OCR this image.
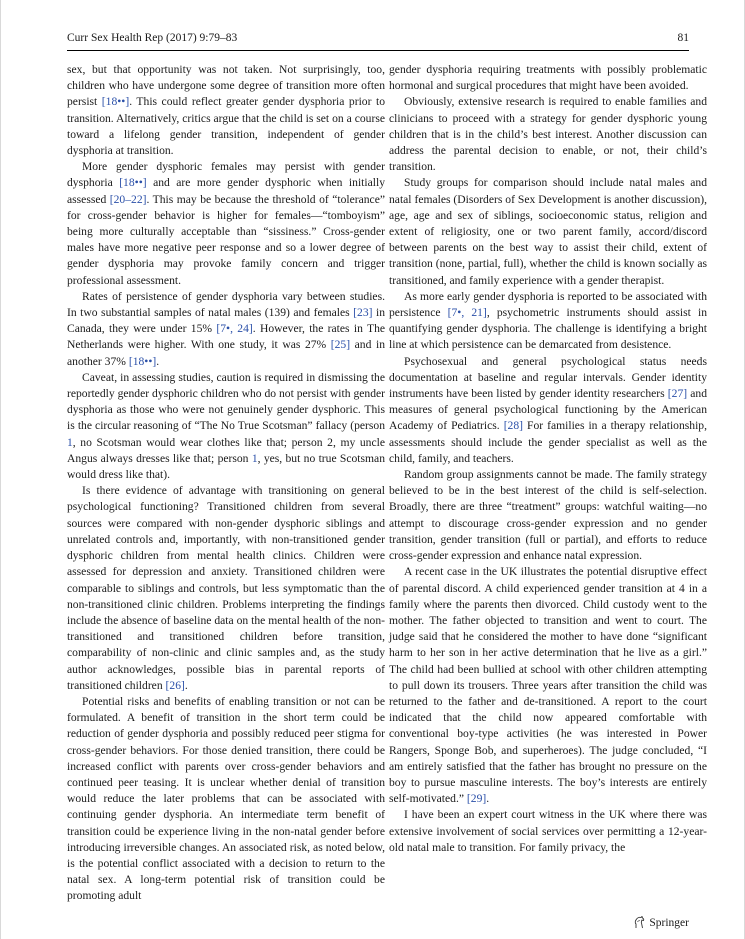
Curr Sex Health Rep (2017) 9:79–83	81

sex, but that opportunity was not taken. Not surprisingly, too, children who have undergone some degree of transition more often persist [18••]. This could reflect greater gender dysphoria prior to transition. Alternatively, critics argue that the child is set on a course toward a lifelong gender transition, independent of gender dysphoria at transition.

More gender dysphoric females may persist with gender dysphoria [18••] and are more gender dysphoric when initially assessed [20–22]. This may be because the threshold of “tolerance” for cross-gender behavior is higher for females—“tomboyism” being more culturally acceptable than “sissiness.” Cross-gender males have more negative peer response and so a lower degree of gender dysphoria may provoke family concern and trigger professional assessment.

Rates of persistence of gender dysphoria vary between studies. In two substantial samples of natal males (139) and females [23] in Canada, they were under 15% [7•, 24]. However, the rates in The Netherlands were higher. With one study, it was 27% [25] and in another 37% [18••].

Caveat, in assessing studies, caution is required in dismissing the reportedly gender dysphoric children who do not persist with gender dysphoria as those who were not genuinely gender dysphoric. This is the circular reasoning of “The No True Scotsman” fallacy (person 1, no Scotsman would wear clothes like that; person 2, my uncle Angus always dresses like that; person 1, yes, but no true Scotsman would dress like that).

Is there evidence of advantage with transitioning on general psychological functioning? Transitioned children from several sources were compared with non-gender dysphoric siblings and unrelated controls and, importantly, with non-transitioned gender dysphoric children from mental health clinics. Children were assessed for depression and anxiety. Transitioned children were comparable to siblings and controls, but less symptomatic than the non-transitioned clinic children. Problems interpreting the findings include the absence of baseline data on the mental health of the non-transitioned and transitioned children before transition, comparability of non-clinic and clinic samples and, as the study author acknowledges, possible bias in parental reports of transitioned children [26].

Potential risks and benefits of enabling transition or not can be formulated. A benefit of transition in the short term could be reduction of gender dysphoria and possibly reduced peer stigma for cross-gender behaviors. For those denied transition, there could be increased conflict with parents over cross-gender behaviors and continued peer teasing. It is unclear whether denial of transition would reduce the later problems that can be associated with continuing gender dysphoria. An intermediate term benefit of transition could be experience living in the non-natal gender before introducing irreversible changes. An associated risk, as noted below, is the potential conflict associated with a decision to return to the natal sex. A long-term potential risk of transition could be promoting adult

gender dysphoria requiring treatments with possibly problematic hormonal and surgical procedures that might have been avoided.

Obviously, extensive research is required to enable families and clinicians to proceed with a strategy for gender dysphoric young children that is in the child’s best interest. Another discussion can address the parental decision to enable, or not, their child’s transition.

Study groups for comparison should include natal males and natal females (Disorders of Sex Development is another discussion), age, age and sex of siblings, socioeconomic status, religion and extent of religiosity, one or two parent family, accord/discord between parents on the best way to assist their child, extent of transition (none, partial, full), whether the child is known socially as transitioned, and family experience with a gender therapist.

As more early gender dysphoria is reported to be associated with persistence [7•, 21], psychometric instruments should assist in quantifying gender dysphoria. The challenge is identifying a bright line at which persistence can be demarcated from desistence.

Psychosexual and general psychological status needs documentation at baseline and regular intervals. Gender identity instruments have been listed by gender identity researchers [27] and measures of general psychological functioning by the American Academy of Pediatrics. [28] For families in a therapy relationship, assessments should include the gender specialist as well as the child, family, and teachers.

Random group assignments cannot be made. The family strategy believed to be in the best interest of the child is self-selection. Broadly, there are three “treatment” groups: watchful waiting—no attempt to discourage cross-gender expression and no gender transition, gender transition (full or partial), and efforts to reduce cross-gender expression and enhance natal expression.

A recent case in the UK illustrates the potential disruptive effect of parental discord. A child experienced gender transition at 4 in a family where the parents then divorced. Child custody went to the mother. The father objected to transition and went to court. The judge said that he considered the mother to have done “significant harm to her son in her active determination that he live as a girl.” The child had been bullied at school with other children attempting to pull down its trousers. Three years after transition the child was returned to the father and de-transitioned. A report to the court indicated that the child now appeared comfortable with conventional boy-type activities (he was interested in Power Rangers, Sponge Bob, and superheroes). The judge concluded, “I am entirely satisfied that the father has brought no pressure on the boy to pursue masculine interests. The boy’s interests are entirely self-motivated.” [29].

I have been an expert court witness in the UK where there was extensive involvement of social services over permitting a 12-year-old natal male to transition. For family privacy, the

Springer
